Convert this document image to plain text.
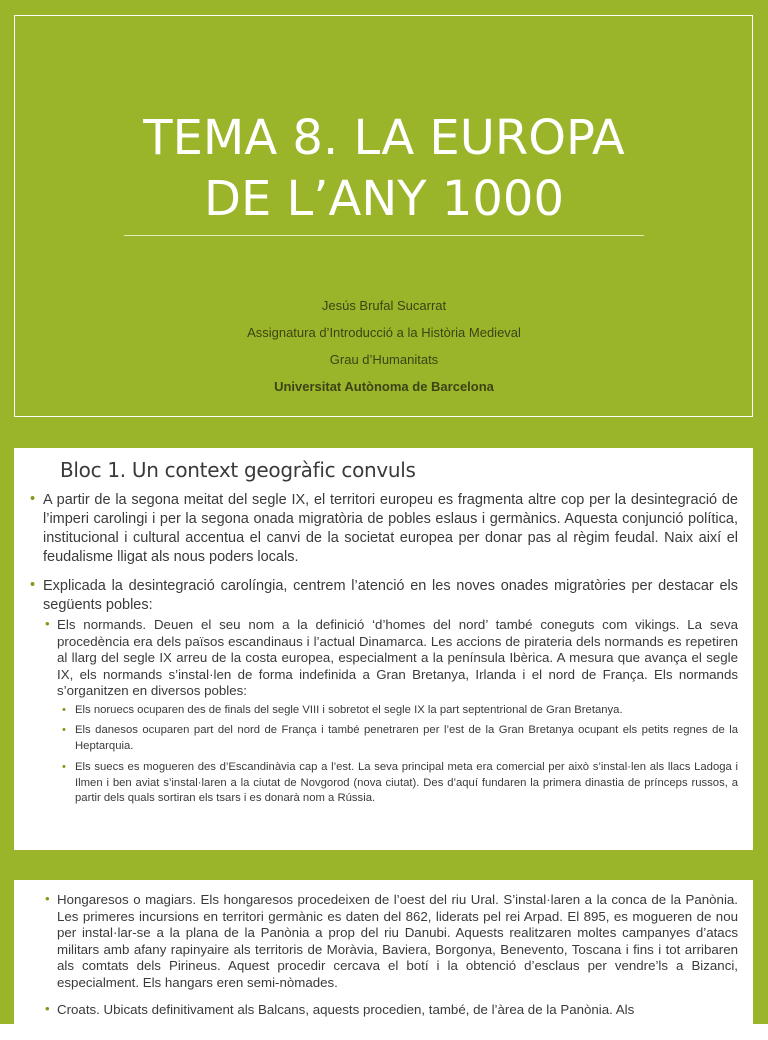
TEMA 8. LA EUROPA
DE L’ANY 1000
Jesús Brufal Sucarrat
Assignatura d’Introducció a la Història Medieval
Grau d’Humanitats
Universitat Autònoma de Barcelona
Bloc 1. Un context geogràfic convuls
• A partir de la segona meitat del segle IX, el territori europeu es fragmenta altre cop per la desintegració de l’imperi carolingi i per la segona onada migratòria de pobles eslaus i germànics. Aquesta conjunció política, institucional i cultural accentua el canvi de la societat europea per donar pas al règim feudal. Naix així el feudalisme lligat als nous poders locals.
• Explicada la desintegració carolíngia, centrem l’atenció en les noves onades migratòries per destacar els següents pobles:
• Els normands. Deuen el seu nom a la definició ‘d’homes del nord’ també coneguts com vikings. La seva procedència era dels països escandinaus i l’actual Dinamarca. Les accions de pirateria dels normands es repetiren al llarg del segle IX arreu de la costa europea, especialment a la península Ibèrica. A mesura que avança el segle IX, els normands s’instal·len de forma indefinida a Gran Bretanya, Irlanda i el nord de França. Els normands s’organitzen en diversos pobles:
• Els noruecs ocuparen des de finals del segle VIII i sobretot el segle IX la part septentrional de Gran Bretanya.
• Els danesos ocuparen part del nord de França i també penetraren per l’est de la Gran Bretanya ocupant els petits regnes de la Heptarquia.
• Els suecs es mogueren des d’Escandinàvia cap a l’est. La seva principal meta era comercial per això s’instal·len als llacs Ladoga i Ilmen i ben aviat s’instal·laren a la ciutat de Novgorod (nova ciutat). Des d’aquí fundaren la primera dinastia de prínceps russos, a partir dels quals sortiran els tsars i es donarà nom a Rússia.
• Hongaresos o magiars. Els hongaresos procedeixen de l’oest del riu Ural. S’instal·laren a la conca de la Panònia. Les primeres incursions en territori germànic es daten del 862, liderats pel rei Arpad. El 895, es mogueren de nou per instal·lar-se a la plana de la Panònia a prop del riu Danubi. Aquests realitzaren moltes campanyes d’atacs militars amb afany rapinyaire als territoris de Moràvia, Baviera, Borgonya, Benevento, Toscana i fins i tot arribaren als comtats dels Pirineus. Aquest procedir cercava el botí i la obtenció d’esclaus per vendre’ls a Bizanci, especialment. Els hangars eren semi-nòmades.
• Croats. Ubicats definitivament als Balcans, aquests procedien, també, de l’àrea de la Panònia. Als
